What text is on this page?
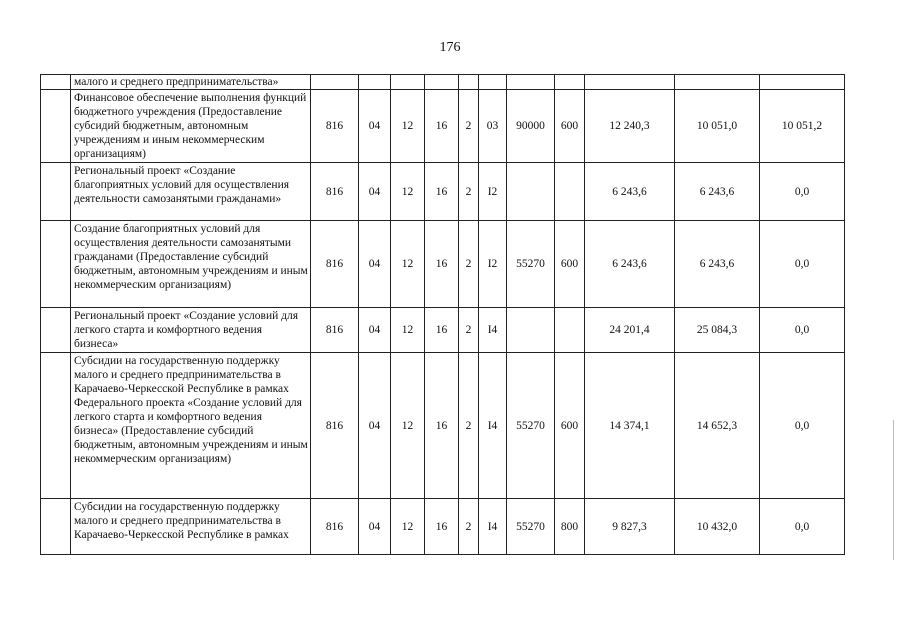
176
	малого и среднего предпринимательства»											
	Финансовое обеспечение выполнения функций бюджетного учреждения (Предоставление субсидий бюджетным, автономным учреждениям и иным некоммерческим организациям)	816	04	12	16	2	03	90000	600	12 240,3	10 051,0	10 051,2
	Региональный проект «Создание благоприятных условий для осуществления деятельности самозанятыми гражданами»	816	04	12	16	2	I2			6 243,6	6 243,6	0,0
	Создание благоприятных условий для осуществления деятельности самозанятыми гражданами (Предоставление субсидий бюджетным, автономным учреждениям и иным некоммерческим организациям)	816	04	12	16	2	I2	55270	600	6 243,6	6 243,6	0,0
	Региональный проект «Создание условий для легкого старта и комфортного ведения бизнеса»	816	04	12	16	2	I4			24 201,4	25 084,3	0,0
	Субсидии на государственную поддержку малого и среднего предпринимательства в Карачаево-Черкесской Республике в рамках Федерального проекта «Создание условий для легкого старта и комфортного ведения бизнеса» (Предоставление субсидий бюджетным, автономным учреждениям и иным некоммерческим организациям)	816	04	12	16	2	I4	55270	600	14 374,1	14 652,3	0,0
	Субсидии на государственную поддержку малого и среднего предпринимательства в Карачаево-Черкесской Республике в рамках	816	04	12	16	2	I4	55270	800	9 827,3	10 432,0	0,0
